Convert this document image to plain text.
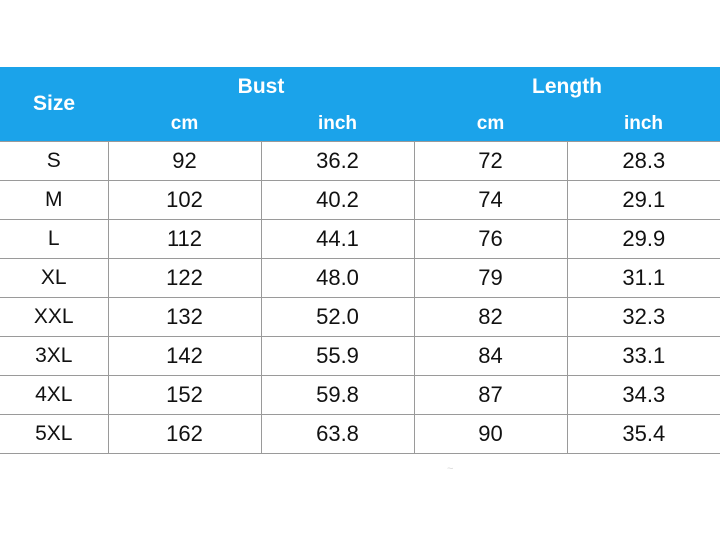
Size	Bust		Length	
	cm	inch	cm	inch
S	92	36.2	72	28.3
M	102	40.2	74	29.1
L	112	44.1	76	29.9
XL	122	48.0	79	31.1
XXL	132	52.0	82	32.3
3XL	142	55.9	84	33.1
4XL	152	59.8	87	34.3
5XL	162	63.8	90	35.4
~
